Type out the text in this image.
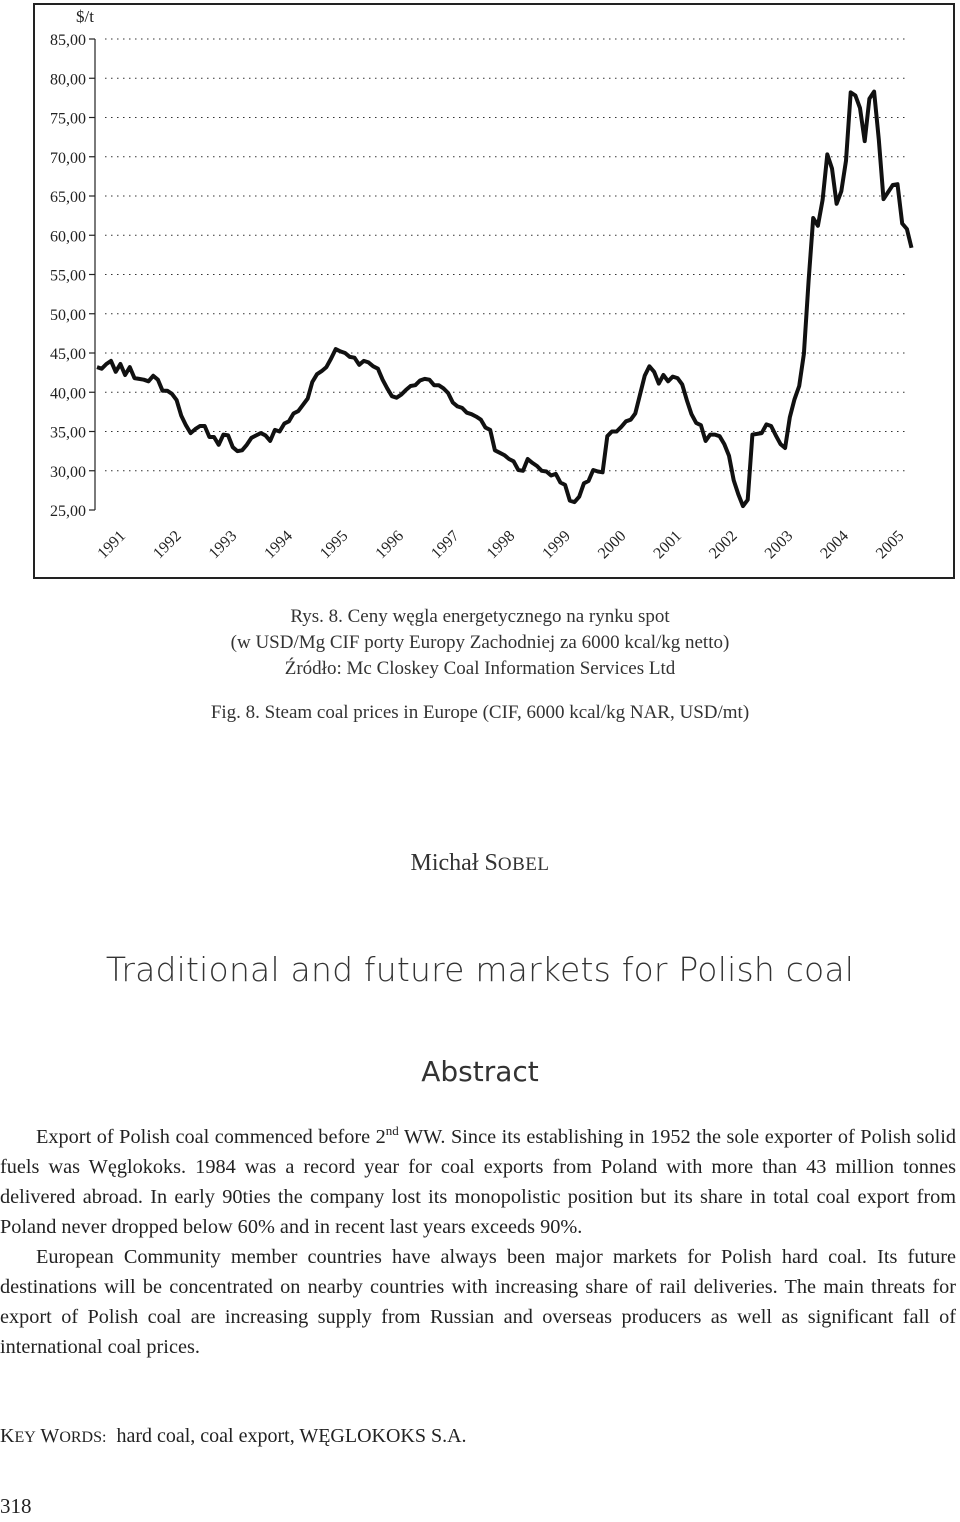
85,00
80,00
75,00
70,00
65,00
60,00
55,00
50,00
45,00
40,00
35,00
30,00
25,00
1991 1992 1993 1994 1995 1996 1997 1998 1999 2000 2001 2002 2003 2004 2005
$/t
Rys. 8. Ceny węgla energetycznego na rynku spot
(w USD/Mg CIF porty Europy Zachodniej za 6000 kcal/kg netto)
Źródło: Mc Closkey Coal Information Services Ltd
Fig. 8. Steam coal prices in Europe (CIF, 6000 kcal/kg NAR, USD/mt)
Michał SOBEL
Traditional and future markets for Polish coal
Abstract

Export of Polish coal commenced before 2nd WW. Since its establishing in 1952 the sole exporter of Polish solid fuels was Węglokoks. 1984 was a record year for coal exports from Poland with more than 43 million tonnes delivered abroad. In early 90ties the company lost its monopolistic position but its share in total coal export from Poland never dropped below 60% and in recent last years exceeds 90%.

European Community member countries have always been major markets for Polish hard coal. Its future destinations will be concentrated on nearby countries with increasing share of rail deliveries. The main threats for export of Polish coal are increasing supply from Russian and overseas producers as well as significant fall of international coal prices.

KEY WORDS: hard coal, coal export, WĘGLOKOKS S.A.
318
